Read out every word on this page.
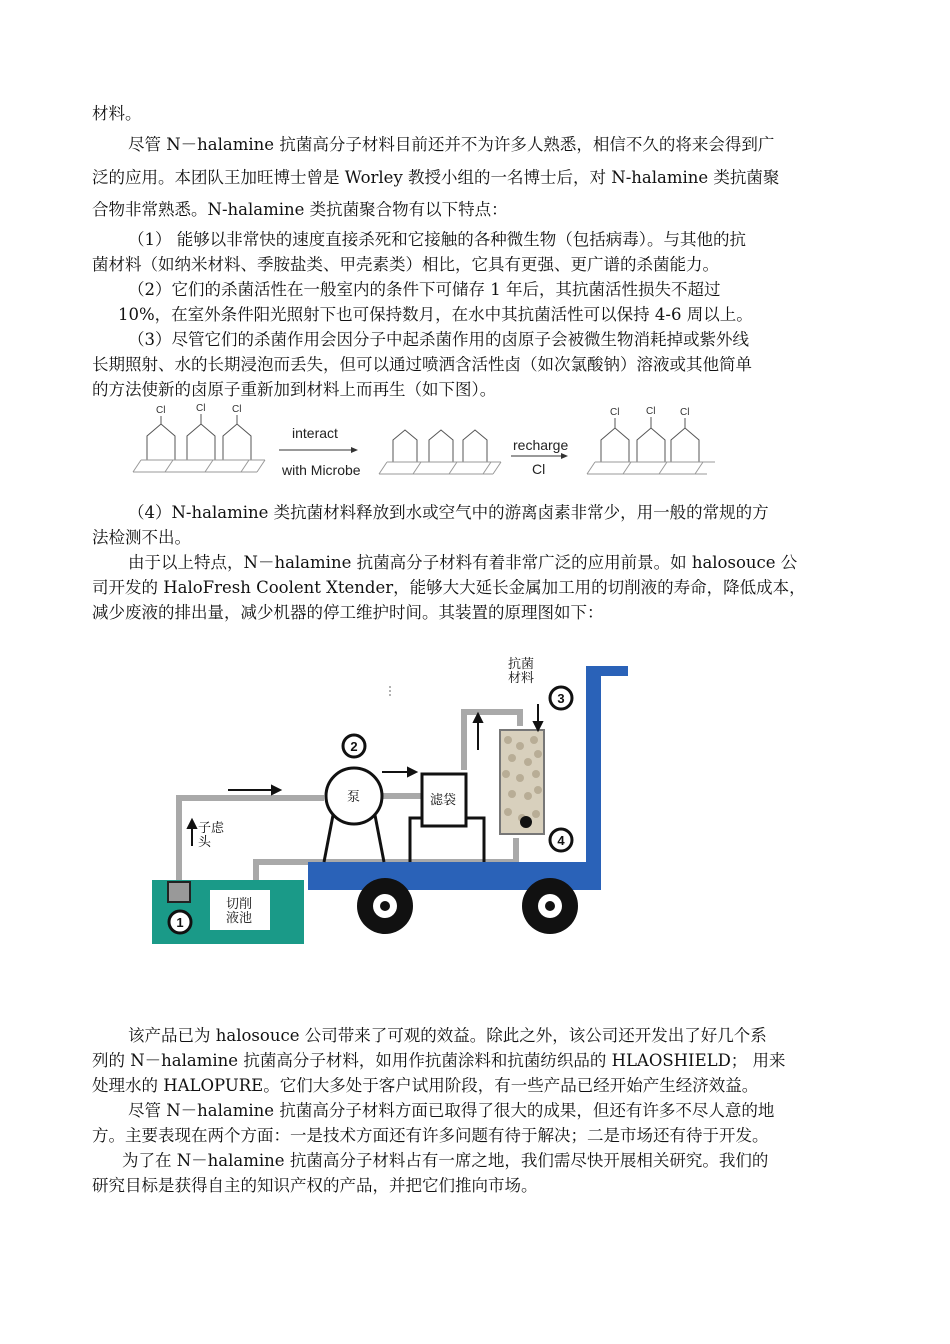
材料。
尽管 N－halamine 抗菌高分子材料目前还并不为许多人熟悉，相信不久的将来会得到广
泛的应用。本团队王加旺博士曾是 Worley 教授小组的一名博士后，对 N-halamine 类抗菌聚
合物非常熟悉。N-halamine 类抗菌聚合物有以下特点：
（1） 能够以非常快的速度直接杀死和它接触的各种微生物（包括病毒）。与其他的抗
菌材料（如纳米材料、季胺盐类、甲壳素类）相比，它具有更强、更广谱的杀菌能力。
（2）它们的杀菌活性在一般室内的条件下可储存 1 年后，其抗菌活性损失不超过
10%，在室外条件阳光照射下也可保持数月，在水中其抗菌活性可以保持 4-6 周以上。
（3）尽管它们的杀菌作用会因分子中起杀菌作用的卤原子会被微生物消耗掉或紫外线
长期照射、水的长期浸泡而丢失，但可以通过喷洒含活性卤（如次氯酸钠）溶液或其他简单
的方法使新的卤原子重新加到材料上而再生（如下图）。
Cl	Cl	Cl	Cl	Cl Cl
interact
with Microbe
recharge
Cl
（4）N-halamine 类抗菌材料释放到水或空气中的游离卤素非常少，用一般的常规的方
法检测不出。
由于以上特点，N－halamine 抗菌高分子材料有着非常广泛的应用前景。如 halosouce 公
司开发的 HaloFresh Coolent Xtender，能够大大延长金属加工用的切削液的寿命，降低成本，
减少废液的排出量，减少机器的停工维护时间。其装置的原理图如下：
1
2
3
4
泵	滤袋
抗菌
材料
子虑
头
切削
液池
该产品已为 halosouce 公司带来了可观的效益。除此之外，该公司还开发出了好几个系
列的 N－halamine 抗菌高分子材料，如用作抗菌涂料和抗菌纺织品的 HLAOSHIELD； 用来
处理水的 HALOPURE。它们大多处于客户试用阶段，有一些产品已经开始产生经济效益。
尽管 N－halamine 抗菌高分子材料方面已取得了很大的成果，但还有许多不尽人意的地
方。主要表现在两个方面：一是技术方面还有许多问题有待于解决；二是市场还有待于开发。
为了在 N－halamine 抗菌高分子材料占有一席之地，我们需尽快开展相关研究。我们的
研究目标是获得自主的知识产权的产品，并把它们推向市场。
